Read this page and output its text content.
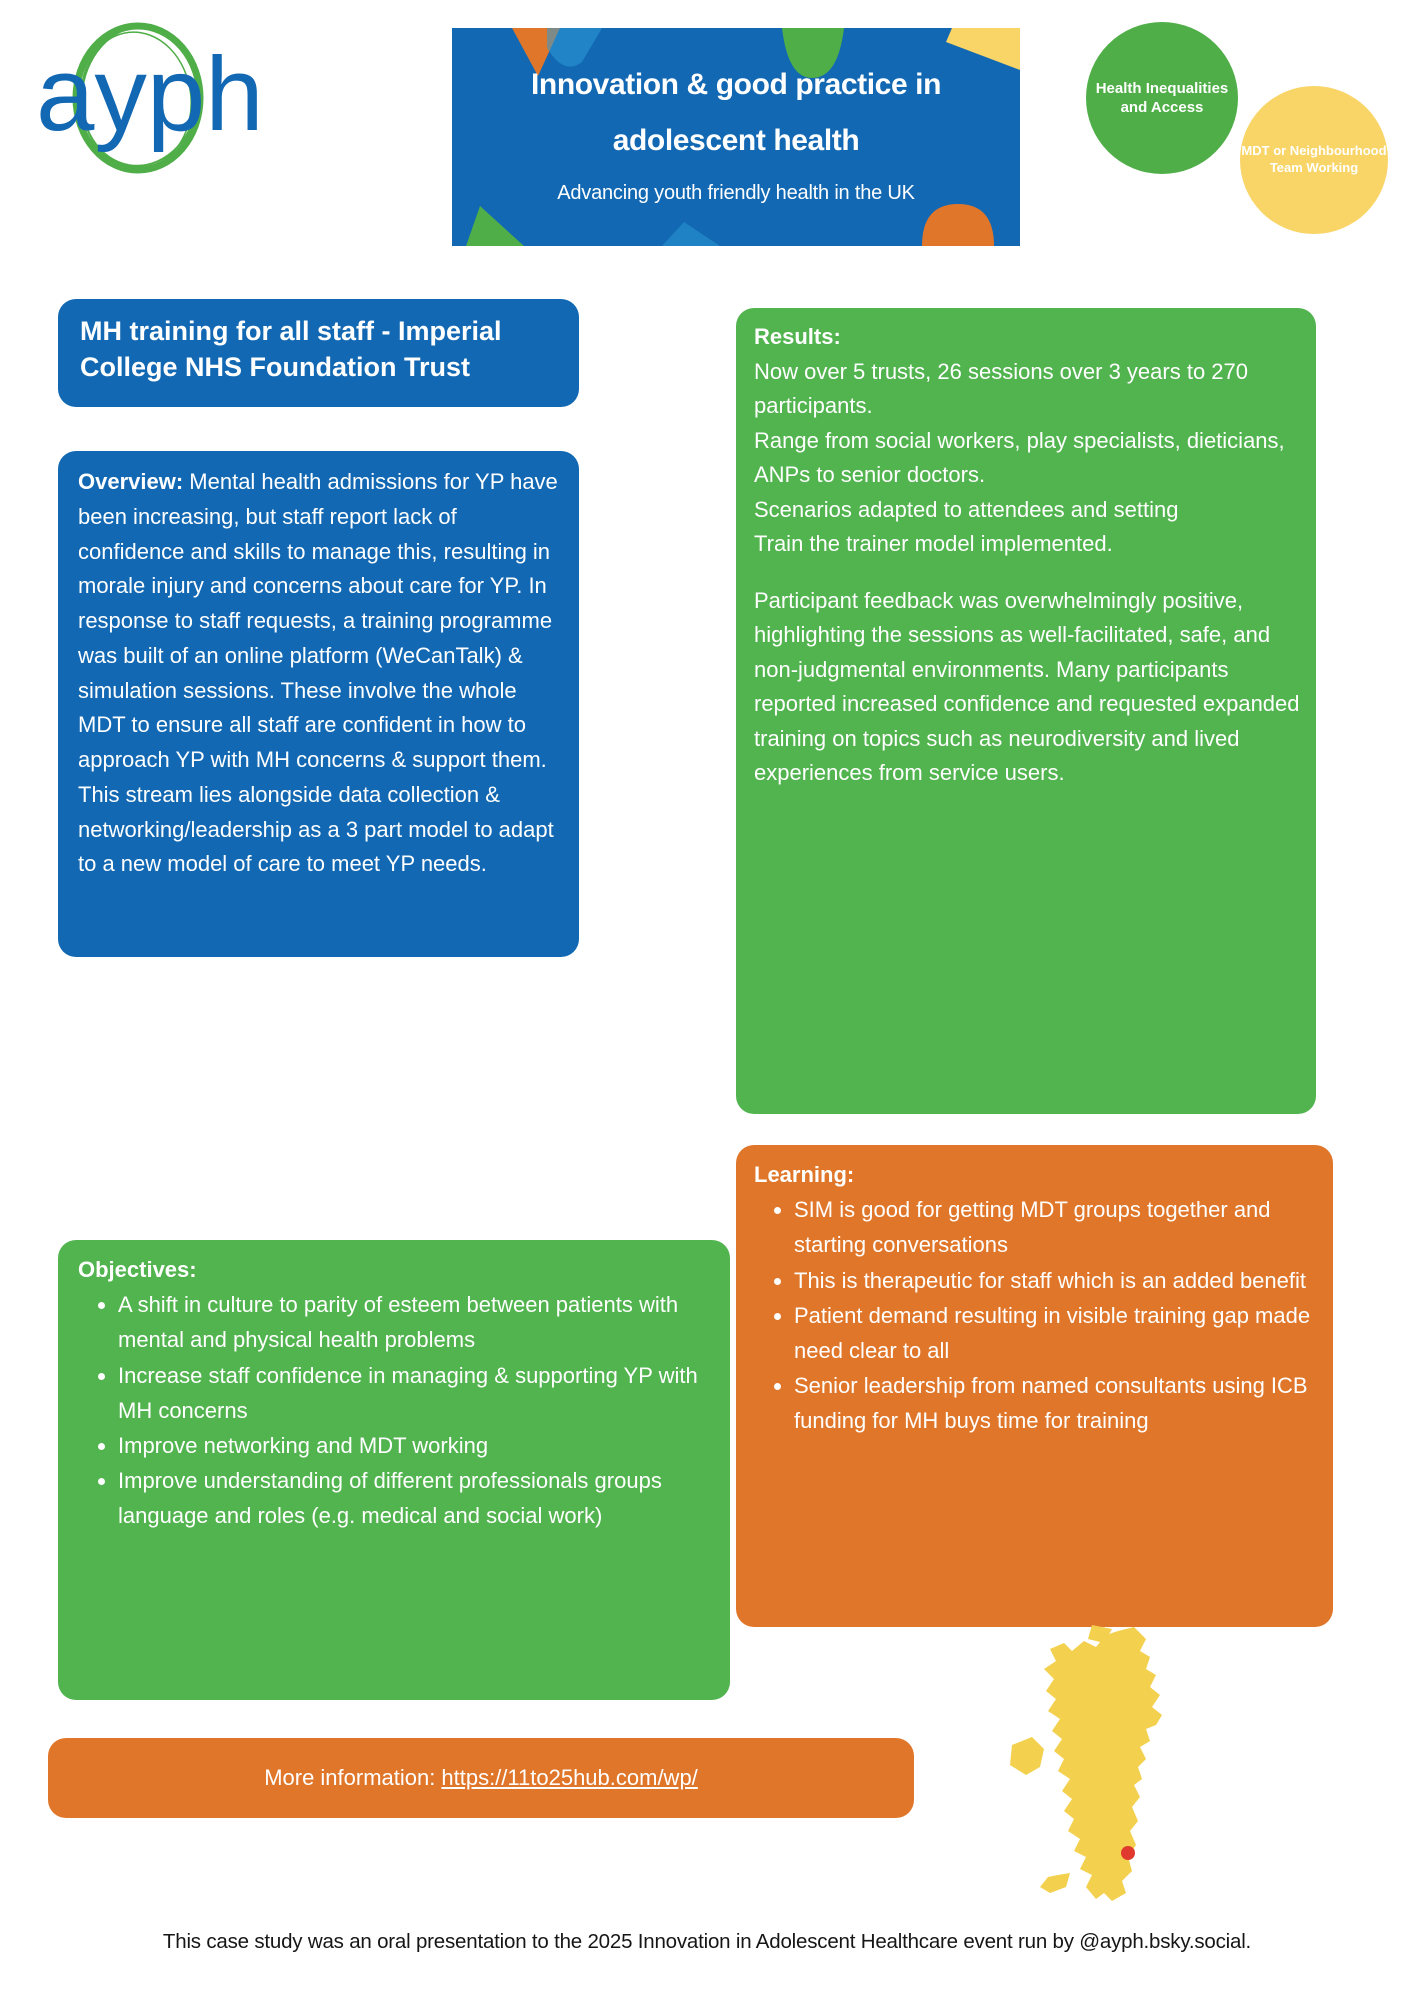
ayph	Innovation & good practice in
adolescent health
Advancing youth friendly health in the UK
Health Inequalities and Access
MDT or Neighbourhood Team Working
MH training for all staff - Imperial College NHS Foundation Trust

Overview: Mental health admissions for YP have been increasing, but staff report lack of confidence and skills to manage this, resulting in morale injury and concerns about care for YP. In response to staff requests, a training programme was built of an online platform (WeCanTalk) & simulation sessions. These involve the whole MDT to ensure all staff are confident in how to approach YP with MH concerns & support them.

This stream lies alongside data collection & networking/leadership as a 3 part model to adapt to a new model of care to meet YP needs.

Results:

Now over 5 trusts, 26 sessions over 3 years to 270 participants.

Range from social workers, play specialists, dieticians, ANPs to senior doctors.

Scenarios adapted to attendees and setting

Train the trainer model implemented.

Participant feedback was overwhelmingly positive, highlighting the sessions as well-facilitated, safe, and non-judgmental environments. Many participants reported increased confidence and requested expanded training on topics such as neurodiversity and lived experiences from service users.

Objectives:
• A shift in culture to parity of esteem between patients with mental and physical health problems
• Increase staff confidence in managing & supporting YP with MH concerns
• Improve networking and MDT working
• Improve understanding of different professionals groups language and roles (e.g. medical and social work)
Learning:
• SIM is good for getting MDT groups together and starting conversations
• This is therapeutic for staff which is an added benefit
• Patient demand resulting in visible training gap made need clear to all
• Senior leadership from named consultants using ICB funding for MH buys time for training
More information: https://11to25hub.com/wp/
This case study was an oral presentation to the 2025 Innovation in Adolescent Healthcare event run by @ayph.bsky.social.
